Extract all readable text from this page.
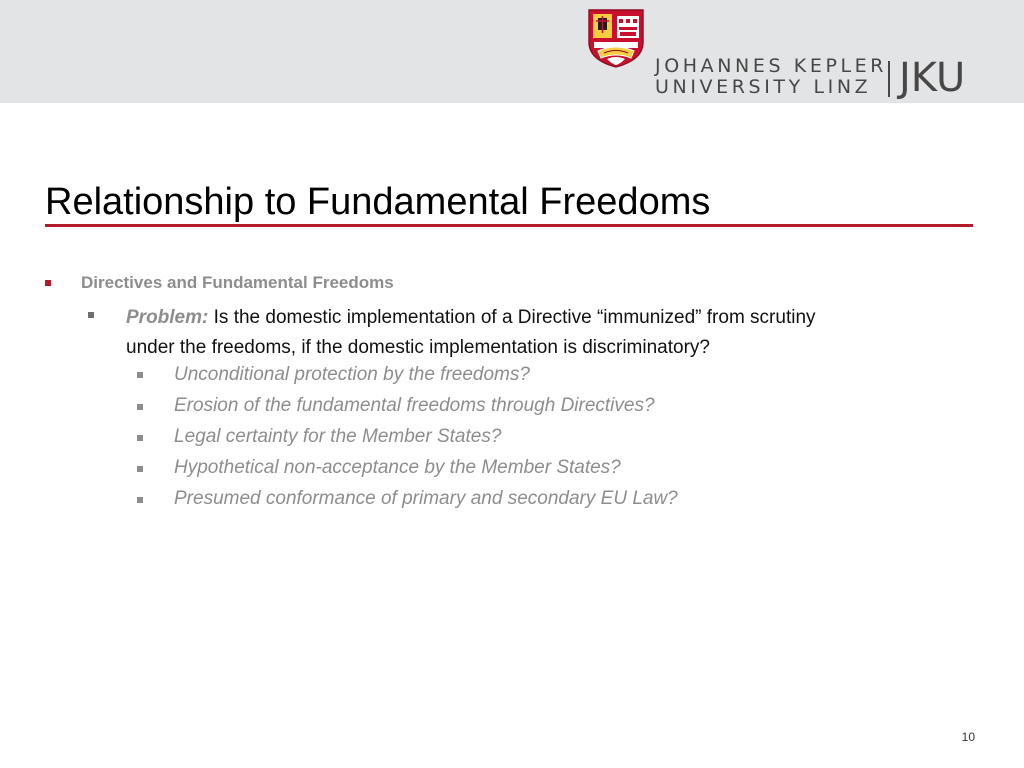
JOHANNES KEPLER
UNIVERSITY LINZ JKU
Relationship to Fundamental Freedoms
Directives and Fundamental Freedoms
Problem: Is the domestic implementation of a Directive “immunized” from scrutiny
under the freedoms, if the domestic implementation is discriminatory?
Unconditional protection by the freedoms?
Erosion of the fundamental freedoms through Directives?
Legal certainty for the Member States?
Hypothetical non-acceptance by the Member States?
Presumed conformance of primary and secondary EU Law?
10
